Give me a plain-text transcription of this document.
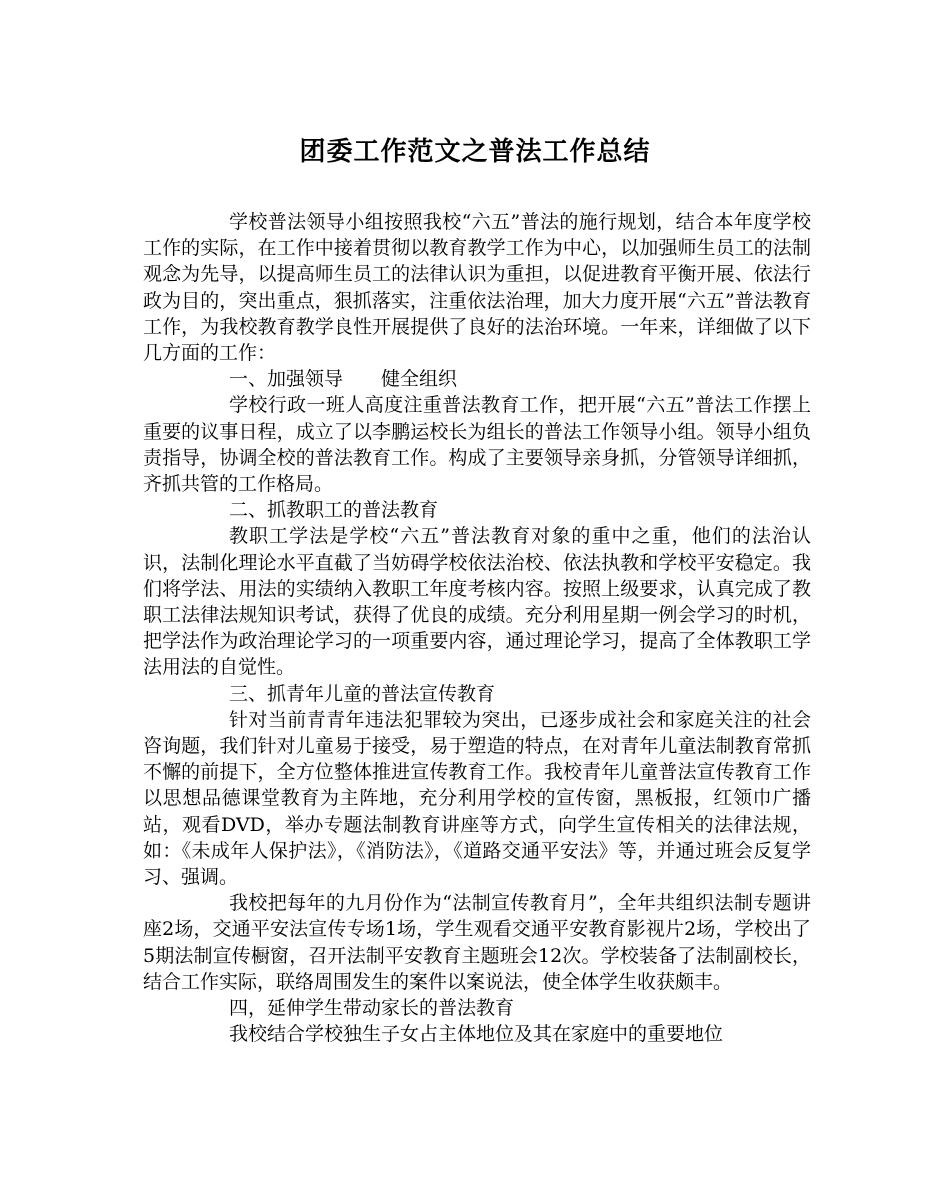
团委工作范文之普法工作总结

学校普法领导小组按照我校“六五”普法的施行规划，结合本年度学校工作的实际，在工作中接着贯彻以教育教学工作为中心，以加强师生员工的法制观念为先导，以提高师生员工的法律认识为重担，以促进教育平衡开展、依法行政为目的，突出重点，狠抓落实，注重依法治理，加大力度开展“六五”普法教育工作，为我校教育教学良性开展提供了良好的法治环境。一年来，详细做了以下几方面的工作：

一、加强领导　　健全组织

学校行政一班人高度注重普法教育工作，把开展“六五”普法工作摆上重要的议事日程，成立了以李鹏运校长为组长的普法工作领导小组。领导小组负责指导，协调全校的普法教育工作。构成了主要领导亲身抓，分管领导详细抓，齐抓共管的工作格局。

二、抓教职工的普法教育

教职工学法是学校“六五”普法教育对象的重中之重，他们的法治认识，法制化理论水平直截了当妨碍学校依法治校、依法执教和学校平安稳定。我们将学法、用法的实绩纳入教职工年度考核内容。按照上级要求，认真完成了教职工法律法规知识考试，获得了优良的成绩。充分利用星期一例会学习的时机，把学法作为政治理论学习的一项重要内容，通过理论学习，提高了全体教职工学法用法的自觉性。

三、抓青年儿童的普法宣传教育

针对当前青青年违法犯罪较为突出，已逐步成社会和家庭关注的社会咨询题，我们针对儿童易于接受，易于塑造的特点，在对青年儿童法制教育常抓不懈的前提下，全方位整体推进宣传教育工作。我校青年儿童普法宣传教育工作以思想品德课堂教育为主阵地，充分利用学校的宣传窗，黑板报，红领巾广播站，观看DVD，举办专题法制教育讲座等方式，向学生宣传相关的法律法规，如：《未成年人保护法》，《消防法》，《道路交通平安法》等，并通过班会反复学习、强调。

我校把每年的九月份作为“法制宣传教育月”，全年共组织法制专题讲座2场，交通平安法宣传专场1场，学生观看交通平安教育影视片2场，学校出了5期法制宣传橱窗，召开法制平安教育主题班会12次。学校装备了法制副校长，结合工作实际，联络周围发生的案件以案说法，使全体学生收获颇丰。

四，延伸学生带动家长的普法教育

我校结合学校独生子女占主体地位及其在家庭中的重要地位
